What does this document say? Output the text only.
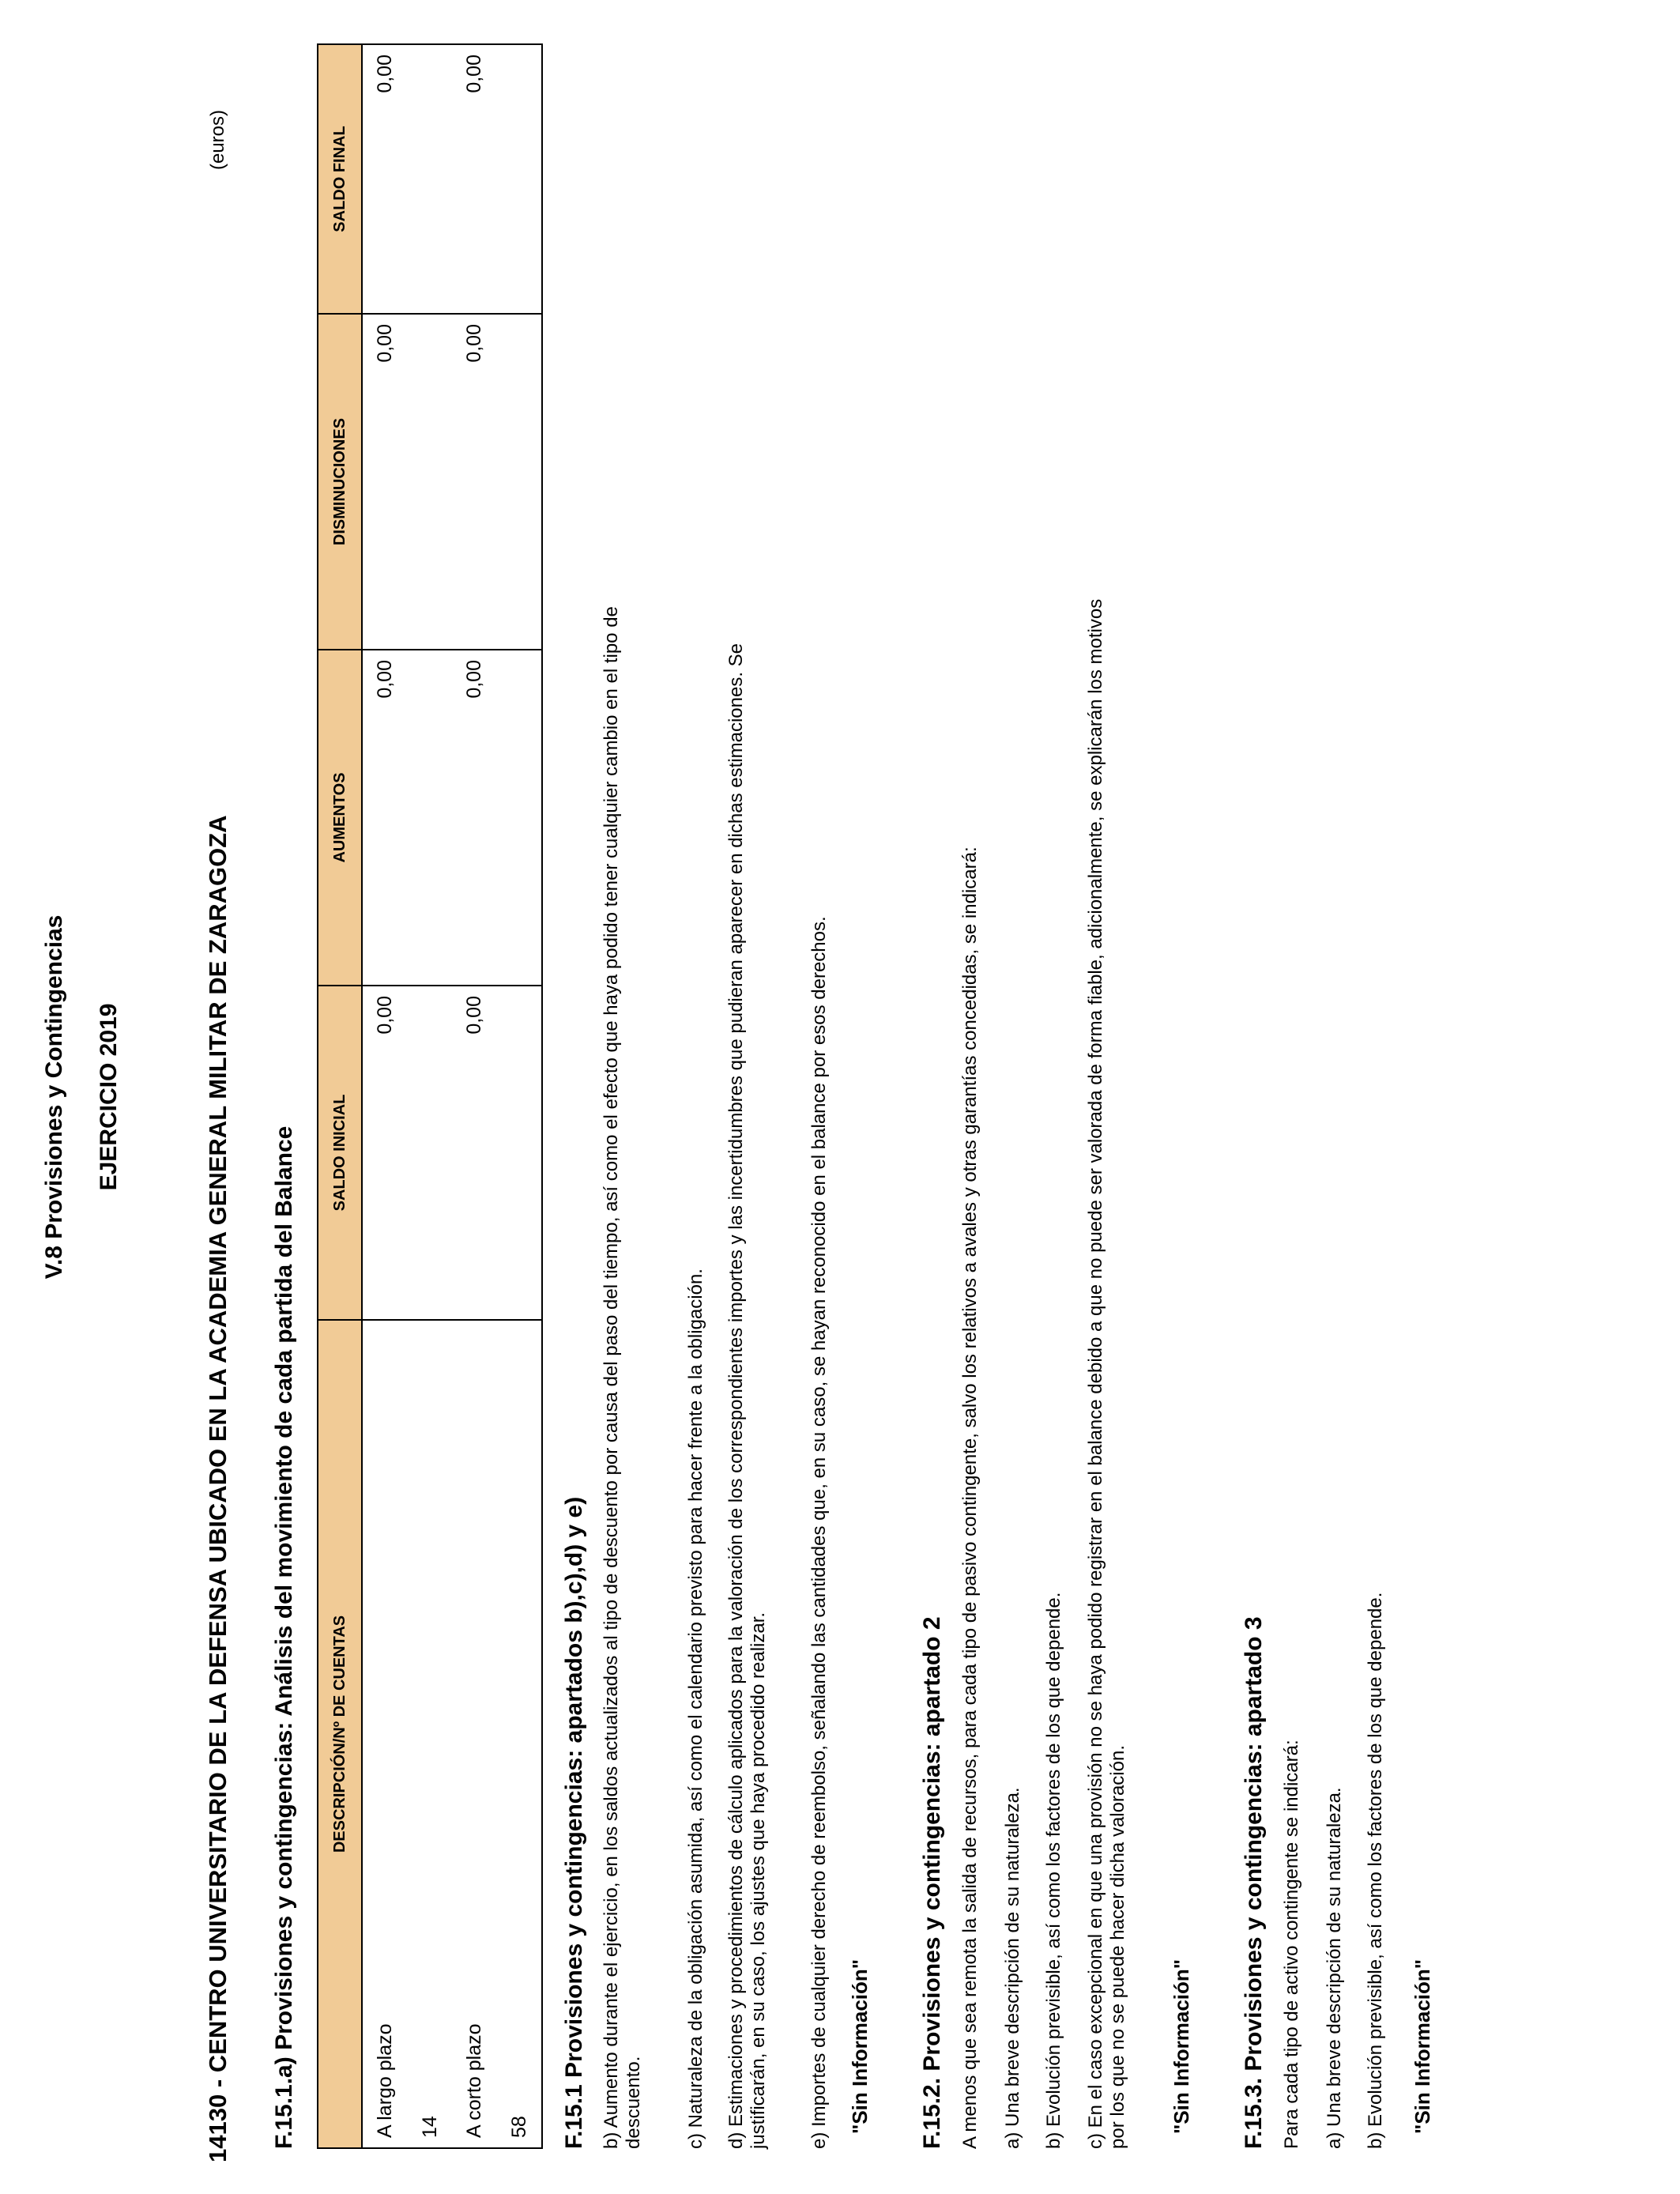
V.8 Provisiones y Contingencias EJERCICIO 2019	14130 - CENTRO UNIVERSITARIO DE LA DEFENSA UBICADO EN LA ACADEMIA GENERAL MILITAR DE ZARAGOZA
(euros)
F.15.1.a) Provisiones y contingencias: Análisis del movimiento de cada partida del Balance DESCRIPCIÓN/Nº DE CUENTAS	SALDO INICIAL	AUMENTOS	DISMINUCIONES	SALDO FINAL
A largo plazo	0,00	0,00	0,00	0,00
14				
A corto plazo	0,00	0,00	0,00	0,00
58				F.15.1 Provisiones y contingencias: apartados b),c),d) y e) b) Aumento durante el ejercicio, en los saldos actualizados al tipo de descuento por causa del paso del tiempo, así como el efecto que haya podido tener cualquier cambio en el tipo de descuento. c) Naturaleza de la obligación asumida, así como el calendario previsto para hacer frente a la obligación. d) Estimaciones y procedimientos de cálculo aplicados para la valoración de los correspondientes importes y las incertidumbres que pudieran aparecer en dichas estimaciones. Se justificarán, en su caso, los ajustes que haya procedido realizar. e) Importes de cualquier derecho de reembolso, señalando las cantidades que, en su caso, se hayan reconocido en el balance por esos derechos. "Sin Información" F.15.2. Provisiones y contingencias: apartado 2 A menos que sea remota la salida de recursos, para cada tipo de pasivo contingente, salvo los relativos a avales y otras garantías concedidas, se indicará: a) Una breve descripción de su naturaleza. b) Evolución previsible, así como los factores de los que depende. c) En el caso excepcional en que una provisión no se haya podido registrar en el balance debido a que no puede ser valorada de forma fiable, adicionalmente, se explicarán los motivos por los que no se puede hacer dicha valoración. "Sin Información" F.15.3. Provisiones y contingencias: apartado 3 Para cada tipo de activo contingente se indicará: a) Una breve descripción de su naturaleza. b) Evolución previsible, así como los factores de los que depende. "Sin Información"
